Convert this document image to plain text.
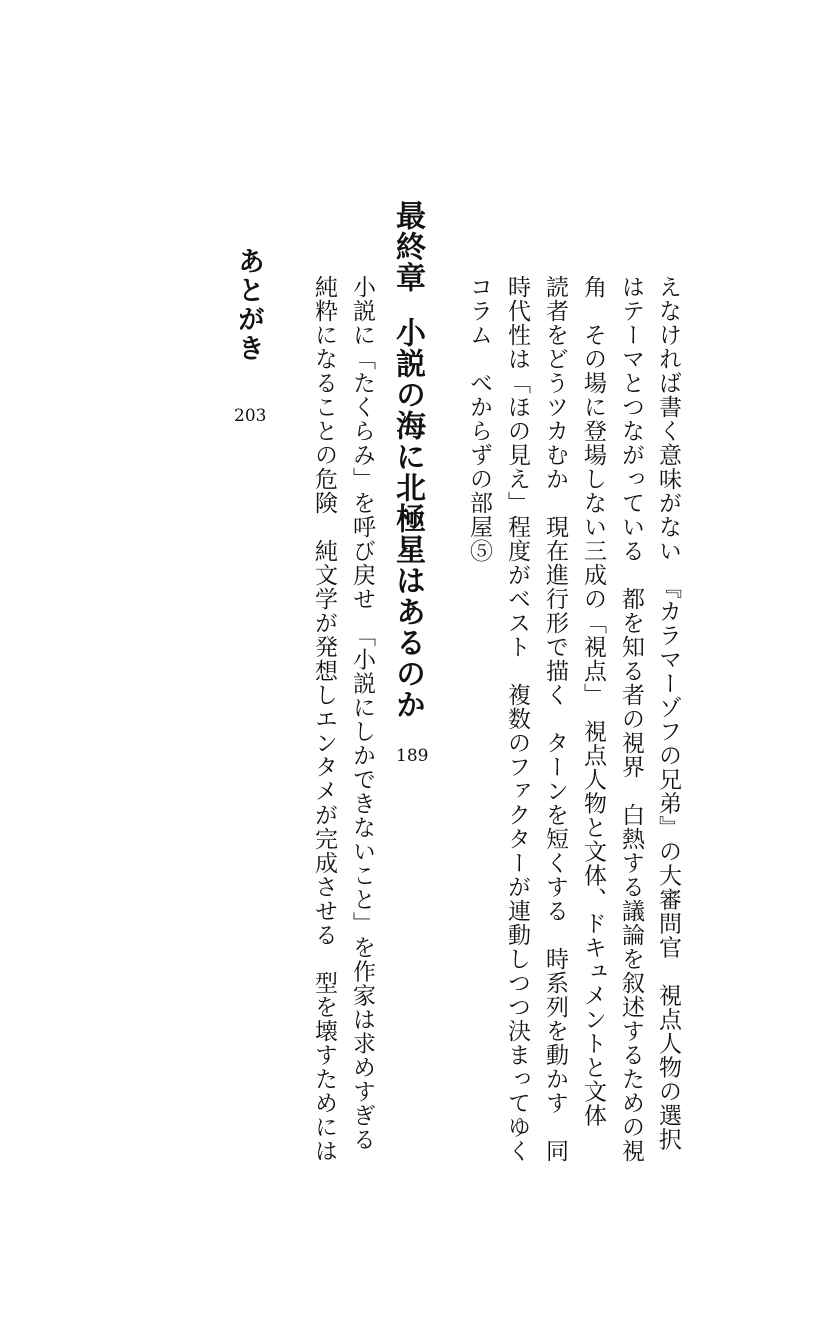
えなければ書く意味がない　『カラマーゾフの兄弟』の大審問官　視点人物の選択
はテーマとつながっている　都を知る者の視界　白熱する議論を叙述するための視
角　その場に登場しない三成の「視点」　視点人物と文体、ドキュメントと文体
読者をどうツカむか　現在進行形で描く　ターンを短くする　時系列を動かす　同
時代性は「ほの見え」程度がベスト　複数のファクターが連動しつつ決まってゆく
コラム　べからずの部屋⑤
最終章小説の海に北極星はあるのか
189
小説に「たくらみ」を呼び戻せ　「小説にしかできないこと」を作家は求めすぎる
純粋になることの危険　純文学が発想しエンタメが完成させる　型を壊すためには
あとがき
203
